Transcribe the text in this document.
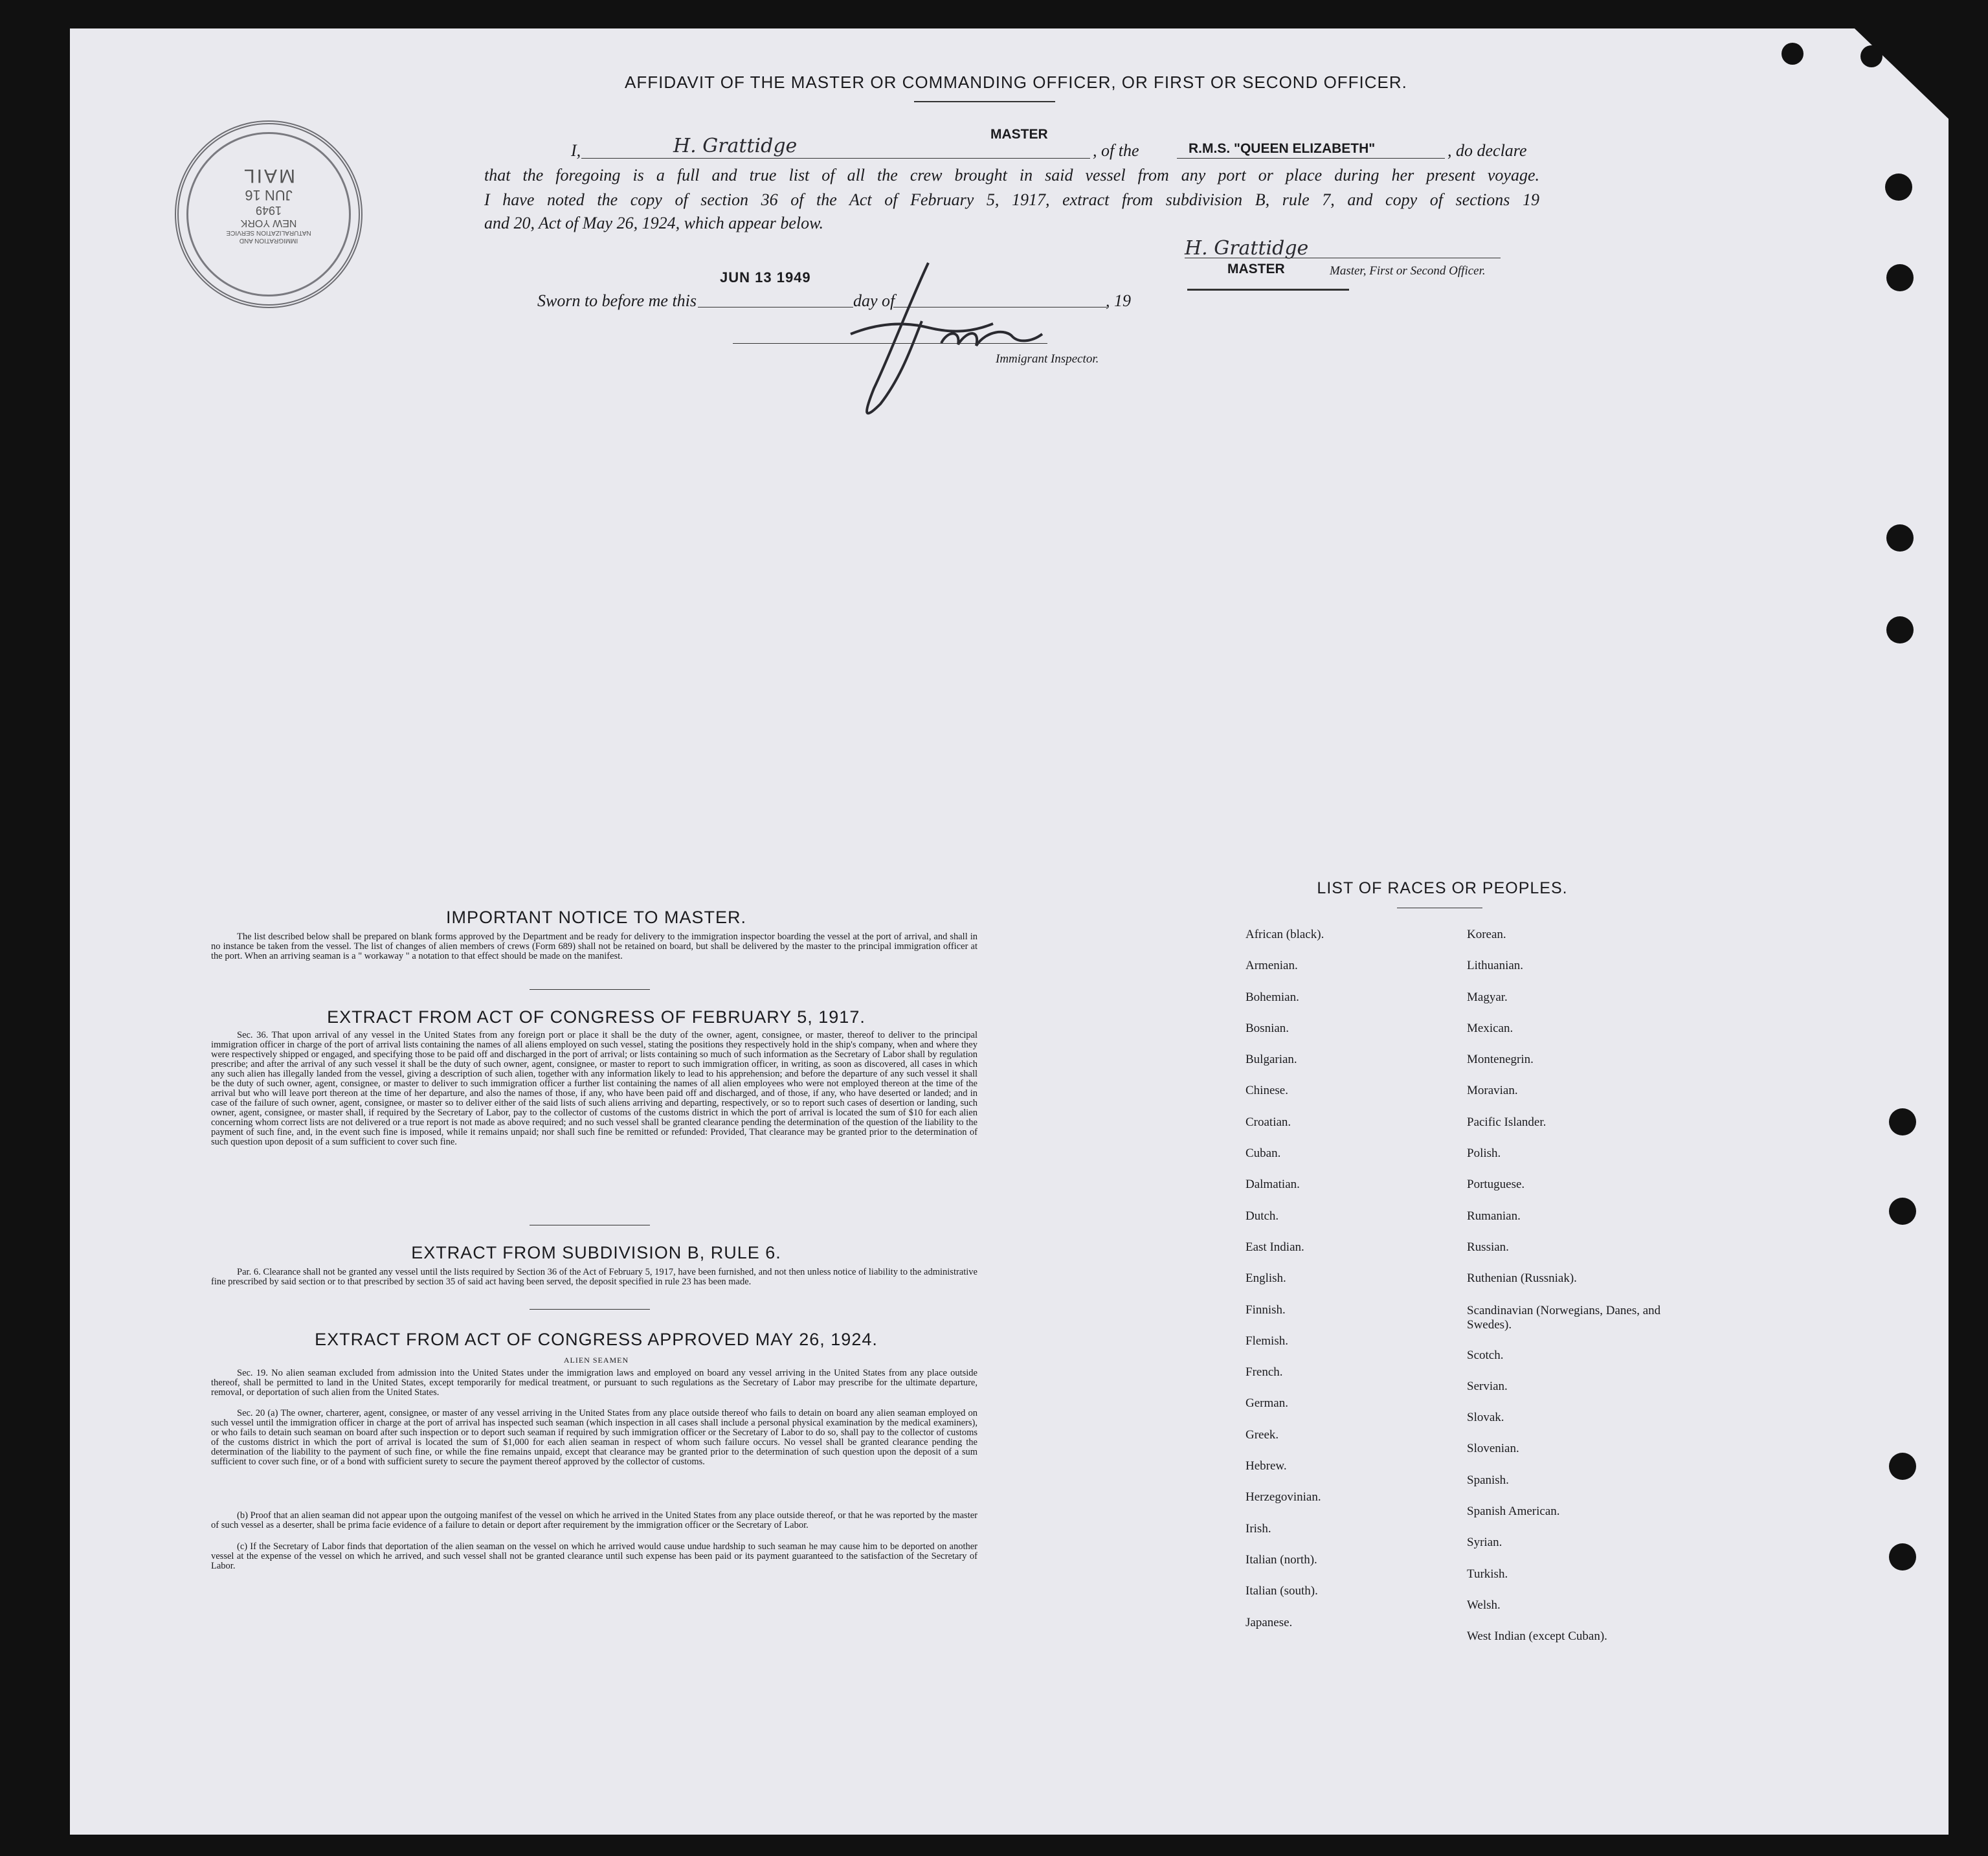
IMMIGRATION AND NATURALIZATION SERVICE
NEW YORK
1949
JUN 16
MAIL
AFFIDAVIT OF THE MASTER OR COMMANDING OFFICER, OR FIRST OR SECOND OFFICER.
I,	H. Grattidge
MASTER
, of the	R.M.S. "QUEEN ELIZABETH"	, do declare
that the foregoing is a full and true list of all the crew brought in said vessel from any port or place during her present voyage.
I have noted the copy of section 36 of the Act of February 5, 1917, extract from subdivision B, rule 7, and copy of sections 19
and 20, Act of May 26, 1924, which appear below.
H. Grattidge
MASTER	Master, First or Second Officer.
Sworn to before me this
JUN 13 1949
day of	, 19
Immigrant Inspector.
IMPORTANT NOTICE TO MASTER.
The list described below shall be prepared on blank forms approved by the Department and be ready for delivery to the immigration inspector boarding the vessel at the port of arrival, and shall in no instance be taken from the vessel. The list of changes of alien members of crews (Form 689) shall not be retained on board, but shall be delivered by the master to the principal immigration officer at the port. When an arriving seaman is a " workaway " a notation to that effect should be made on the manifest.
EXTRACT FROM ACT OF CONGRESS OF FEBRUARY 5, 1917.
Sec. 36. That upon arrival of any vessel in the United States from any foreign port or place it shall be the duty of the owner, agent, consignee, or master, thereof to deliver to the principal immigration officer in charge of the port of arrival lists containing the names of all aliens employed on such vessel, stating the positions they respectively hold in the ship's company, when and where they were respectively shipped or engaged, and specifying those to be paid off and discharged in the port of arrival; or lists containing so much of such information as the Secretary of Labor shall by regulation prescribe; and after the arrival of any such vessel it shall be the duty of such owner, agent, consignee, or master to report to such immigration officer, in writing, as soon as discovered, all cases in which any such alien has illegally landed from the vessel, giving a description of such alien, together with any information likely to lead to his apprehension; and before the departure of any such vessel it shall be the duty of such owner, agent, consignee, or master to deliver to such immigration officer a further list containing the names of all alien employees who were not employed thereon at the time of the arrival but who will leave port thereon at the time of her departure, and also the names of those, if any, who have been paid off and discharged, and of those, if any, who have deserted or landed; and in case of the failure of such owner, agent, consignee, or master so to deliver either of the said lists of such aliens arriving and departing, respectively, or so to report such cases of desertion or landing, such owner, agent, consignee, or master shall, if required by the Secretary of Labor, pay to the collector of customs of the customs district in which the port of arrival is located the sum of $10 for each alien concerning whom correct lists are not delivered or a true report is not made as above required; and no such vessel shall be granted clearance pending the determination of the question of the liability to the payment of such fine, and, in the event such fine is imposed, while it remains unpaid; nor shall such fine be remitted or refunded: Provided, That clearance may be granted prior to the determination of such question upon deposit of a sum sufficient to cover such fine.
EXTRACT FROM SUBDIVISION B, RULE 6.
Par. 6. Clearance shall not be granted any vessel until the lists required by Section 36 of the Act of February 5, 1917, have been furnished, and not then unless notice of liability to the administrative fine prescribed by said section or to that prescribed by section 35 of said act having been served, the deposit specified in rule 23 has been made.
EXTRACT FROM ACT OF CONGRESS APPROVED MAY 26, 1924.
ALIEN SEAMEN
Sec. 19. No alien seaman excluded from admission into the United States under the immigration laws and employed on board any vessel arriving in the United States from any place outside thereof, shall be permitted to land in the United States, except temporarily for medical treatment, or pursuant to such regulations as the Secretary of Labor may prescribe for the ultimate departure, removal, or deportation of such alien from the United States.
Sec. 20 (a) The owner, charterer, agent, consignee, or master of any vessel arriving in the United States from any place outside thereof who fails to detain on board any alien seaman employed on such vessel until the immigration officer in charge at the port of arrival has inspected such seaman (which inspection in all cases shall include a personal physical examination by the medical examiners), or who fails to detain such seaman on board after such inspection or to deport such seaman if required by such immigration officer or the Secretary of Labor to do so, shall pay to the collector of customs of the customs district in which the port of arrival is located the sum of $1,000 for each alien seaman in respect of whom such failure occurs. No vessel shall be granted clearance pending the determination of the liability to the payment of such fine, or while the fine remains unpaid, except that clearance may be granted prior to the determination of such question upon the deposit of a sum sufficient to cover such fine, or of a bond with sufficient surety to secure the payment thereof approved by the collector of customs.
(b) Proof that an alien seaman did not appear upon the outgoing manifest of the vessel on which he arrived in the United States from any place outside thereof, or that he was reported by the master of such vessel as a deserter, shall be prima facie evidence of a failure to detain or deport after requirement by the immigration officer or the Secretary of Labor.
(c) If the Secretary of Labor finds that deportation of the alien seaman on the vessel on which he arrived would cause undue hardship to such seaman he may cause him to be deported on another vessel at the expense of the vessel on which he arrived, and such vessel shall not be granted clearance until such expense has been paid or its payment guaranteed to the satisfaction of the Secretary of Labor.
LIST OF RACES OR PEOPLES.
African (black).
Armenian.
Bohemian.
Bosnian.
Bulgarian.
Chinese.
Croatian.
Cuban.
Dalmatian.
Dutch.
East Indian.
English.
Finnish.
Flemish.
French.
German.
Greek.
Hebrew.
Herzegovinian.
Irish.
Italian (north).
Italian (south).
Japanese.
Korean.
Lithuanian.
Magyar.
Mexican.
Montenegrin.
Moravian.
Pacific Islander.
Polish.
Portuguese.
Rumanian.
Russian.
Ruthenian (Russniak).
Scandinavian (Norwegians, Danes, and Swedes).
Scotch.
Servian.
Slovak.
Slovenian.
Spanish.
Spanish American.
Syrian.
Turkish.
Welsh.
West Indian (except Cuban).
